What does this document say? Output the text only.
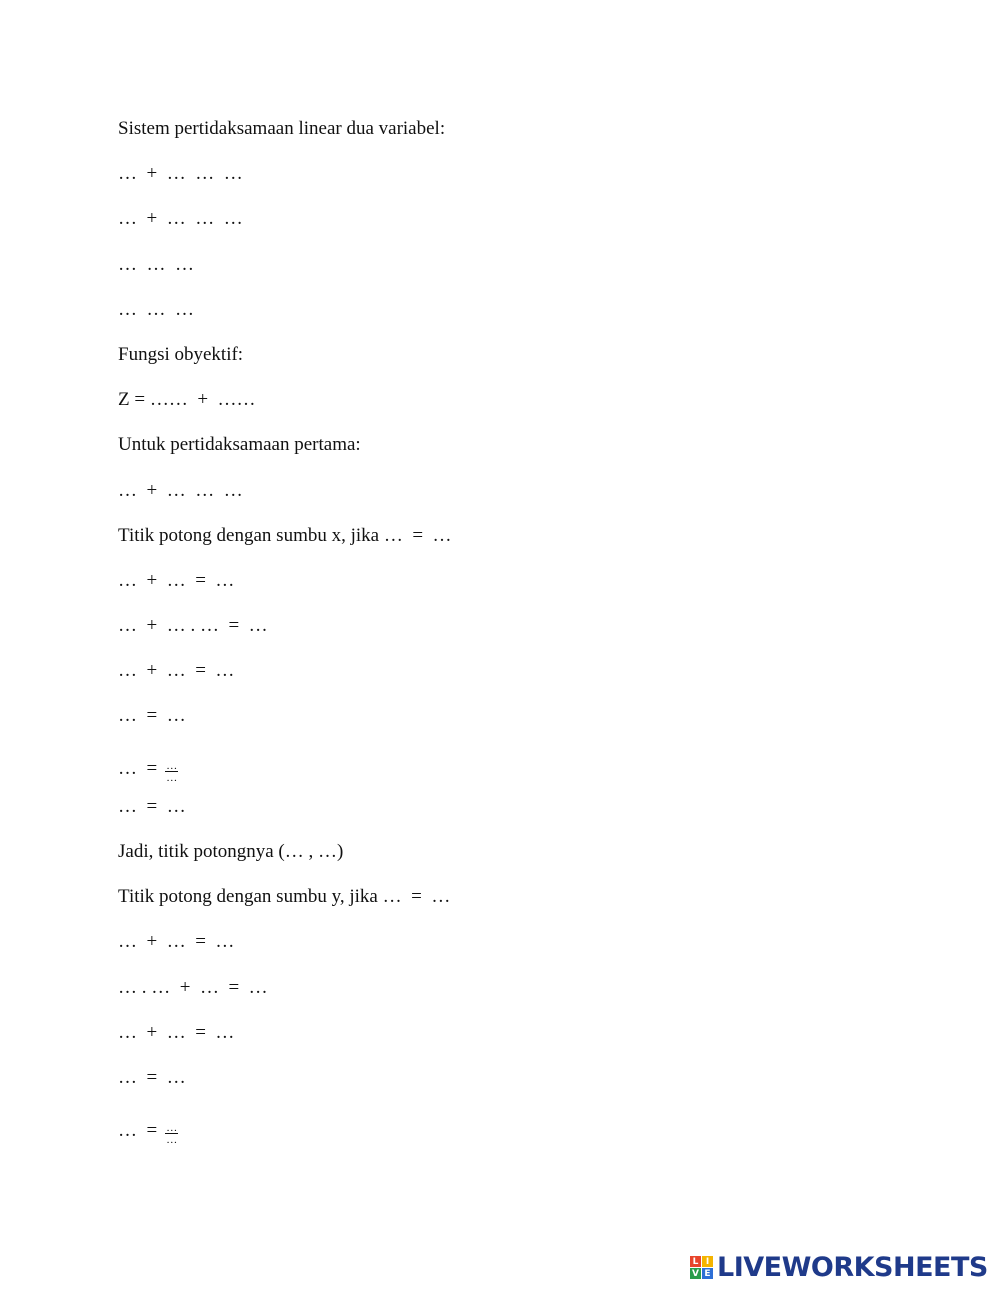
Sistem pertidaksamaan linear dua variabel:
…  +  …  …  …
…  +  …  …  …
…  …  …
…  …  …
Fungsi obyektif:
Z = ……  +  ……
Untuk pertidaksamaan pertama:
…  +  …  …  …
Titik potong dengan sumbu x, jika …  =  …
…  +  …  =  …
…  +  … . …  =  …
…  +  …  =  …
…  =  …
…  = $\frac{\dots}{\dots}$
…  =  …
Jadi, titik potongnya (… , …)
Titik potong dengan sumbu y, jika …  =  …
…  +  …  =  …
… . …  +  …  =  …
…  +  …  =  …
…  =  …
…  = $\frac{\dots}{\dots}$
L I
V E LIVEWORKSHEETS
